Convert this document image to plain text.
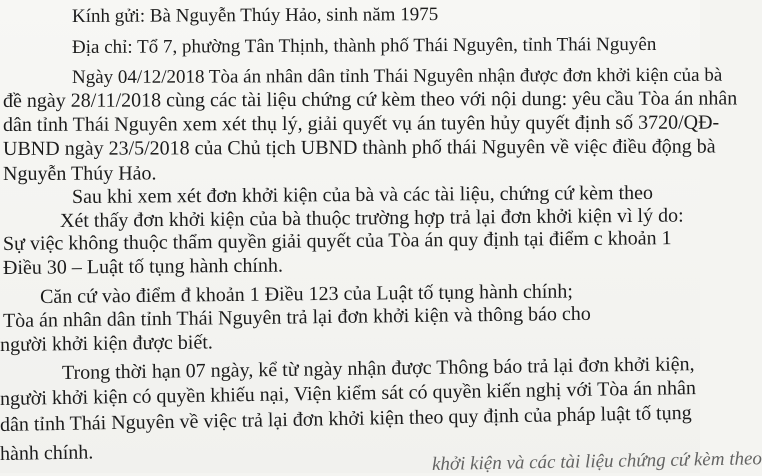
Kính gửi: Bà Nguyễn Thúy Hảo, sinh năm 1975
Địa chỉ: Tổ 7, phường Tân Thịnh, thành phố Thái Nguyên, tỉnh Thái Nguyên
Ngày 04/12/2018 Tòa án nhân dân tỉnh Thái Nguyên nhận được đơn khởi kiện của bà
đề ngày 28/11/2018 cùng các tài liệu chứng cứ kèm theo với nội dung: yêu cầu Tòa án nhân
dân tỉnh Thái Nguyên xem xét thụ lý, giải quyết vụ án tuyên hủy quyết định số 3720/QĐ-
UBND ngày 23/5/2018 của Chủ tịch UBND thành phố thái Nguyên về việc điều động bà
Nguyễn Thúy Hảo.
Sau khi xem xét đơn khởi kiện của bà và các tài liệu, chứng cứ kèm theo
Xét thấy đơn khởi kiện của bà thuộc trường hợp trả lại đơn khởi kiện vì lý do:
Sự việc không thuộc thẩm quyền giải quyết của Tòa án quy định tại điểm c khoản 1
Điều 30 – Luật tố tụng hành chính.
Căn cứ vào điểm đ khoản 1 Điều 123 của Luật tố tụng hành chính;
Tòa án nhân dân tỉnh Thái Nguyên trả lại đơn khởi kiện và thông báo cho
người khởi kiện được biết.
Trong thời hạn 07 ngày, kể từ ngày nhận được Thông báo trả lại đơn khởi kiện,
người khởi kiện có quyền khiếu nại, Viện kiểm sát có quyền kiến nghị với Tòa án nhân
dân tỉnh Thái Nguyên về việc trả lại đơn khởi kiện theo quy định của pháp luật tố tụng
hành chính.	khởi kiện và các tài liệu chứng cứ kèm theo
